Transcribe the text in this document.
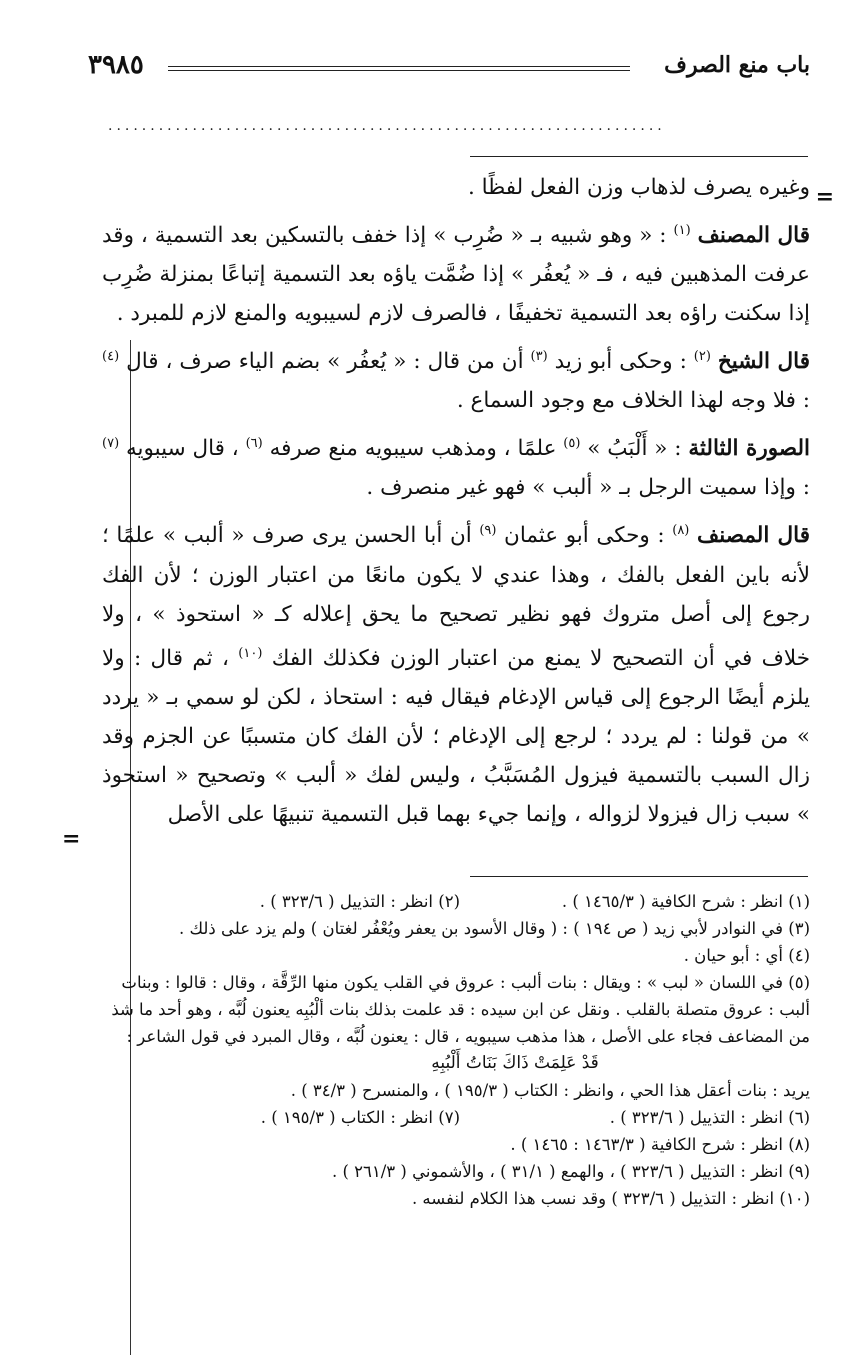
باب منع الصرف
٣٩٨٥
..................................................................
=
=

وغيره يصرف لذهاب وزن الفعل لفظًا .

قال المصنف $^{(١)}$ : « وهو شبيه بـ « ضُرِب » إذا خفف بالتسكين بعد التسمية ، وقد عرفت المذهبين فيه ، فـ « يُعفُر » إذا ضُمَّت ياؤه بعد التسمية إتباعًا بمنزلة ضُرِب إذا سكنت راؤه بعد التسمية تخفيفًا ، فالصرف لازم لسيبويه والمنع لازم للمبرد .

قال الشيخ $^{(٢)}$ : وحكى أبو زيد $^{(٣)}$ أن من قال : « يُعفُر » بضم الياء صرف ، قال $^{(٤)}$ : فلا وجه لهذا الخلاف مع وجود السماع .

الصورة الثالثة : « أَلْبَبُ » $^{(٥)}$ علمًا ، ومذهب سيبويه منع صرفه $^{(٦)}$ ، قال سيبويه $^{(٧)}$ : وإذا سميت الرجل بـ « ألبب » فهو غير منصرف .

قال المصنف $^{(٨)}$ : وحكى أبو عثمان $^{(٩)}$ أن أبا الحسن يرى صرف « ألبب » علمًا ؛ لأنه باين الفعل بالفك ، وهذا عندي لا يكون مانعًا من اعتبار الوزن ؛ لأن الفك رجوع إلى أصل متروك فهو نظير تصحيح ما يحق إعلاله كـ « استحوذ » ، ولا خلاف في أن التصحيح لا يمنع من اعتبار الوزن فكذلك الفك $^{(١٠)}$ ، ثم قال : ولا يلزم أيضًا الرجوع إلى قياس الإدغام فيقال فيه : استحاذ ، لكن لو سمي بـ « يردد » من قولنا : لم يردد ؛ لرجع إلى الإدغام ؛ لأن الفك كان متسببًا عن الجزم وقد زال السبب بالتسمية فيزول المُسَبَّبُ ، وليس لفك « ألبب » وتصحيح « استحوذ » سبب زال فيزولا لزواله ، وإنما جيء بهما قبل التسمية تنبيهًا على الأصل

(١) انظر : شرح الكافية ( ١٤٦٥/٣ ) .

(٢) انظر : التذييل ( ٣٢٣/٦ ) .

(٣) في النوادر لأبي زيد ( ص ١٩٤ ) : ( وقال الأسود بن يعفر ويُعْفُر لغتان ) ولم يزد على ذلك .

(٤) أي : أبو حيان .

(٥) في اللسان « لبب » : ويقال : بنات ألبب : عروق في القلب يكون منها الرِّقَّة ، وقال : قالوا : وبنات ألبب : عروق متصلة بالقلب . ونقل عن ابن سيده : قد علمت بذلك بنات ألْبُبِه يعنون لُبَّه ، وهو أحد ما شذ من المضاعف فجاء على الأصل ، هذا مذهب سيبويه ، قال : يعنون لُبَّه ، وقال المبرد في قول الشاعر :

قَدْ عَلِمَتْ ذَاكَ بَنَاتُ أَلْبُبِهِ

يريد : بنات أعقل هذا الحي ، وانظر : الكتاب ( ١٩٥/٣ ) ، والمنسرح ( ٣٤/٣ ) .

(٦) انظر : التذييل ( ٣٢٣/٦ ) .

(٧) انظر : الكتاب ( ١٩٥/٣ ) .

(٨) انظر : شرح الكافية ( ١٤٦٣/٣ : ١٤٦٥ ) .

(٩) انظر : التذييل ( ٣٢٣/٦ ) ، والهمع ( ٣١/١ ) ، والأشموني ( ٢٦١/٣ ) .

(١٠) انظر : التذييل ( ٣٢٣/٦ ) وقد نسب هذا الكلام لنفسه .
